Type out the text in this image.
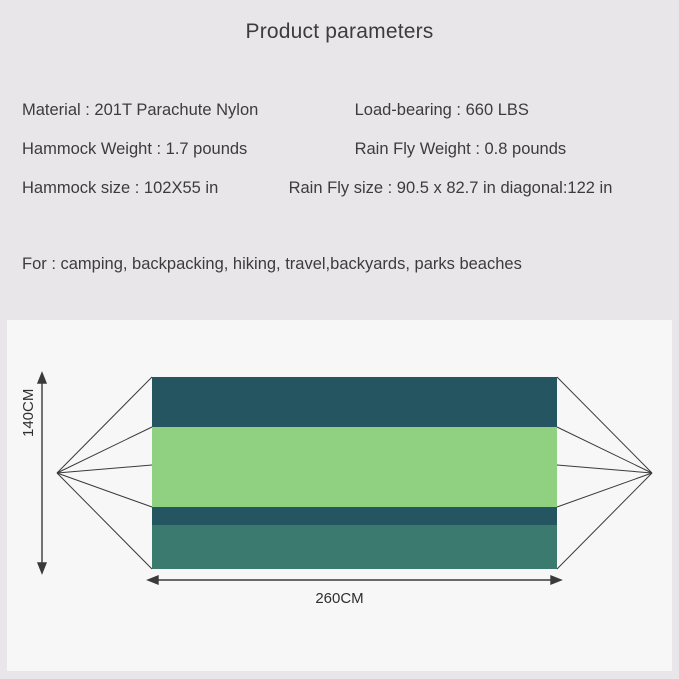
Product parameters
Material : 201T Parachute Nylon	Load-bearing : 660 LBS
Hammock Weight : 1.7 pounds	Rain Fly Weight : 0.8 pounds
Hammock size : 102X55 in	Rain Fly size : 90.5 x 82.7 in diagonal:122 in
For : camping, backpacking, hiking, travel,backyards, parks beaches
140CM
260CM
